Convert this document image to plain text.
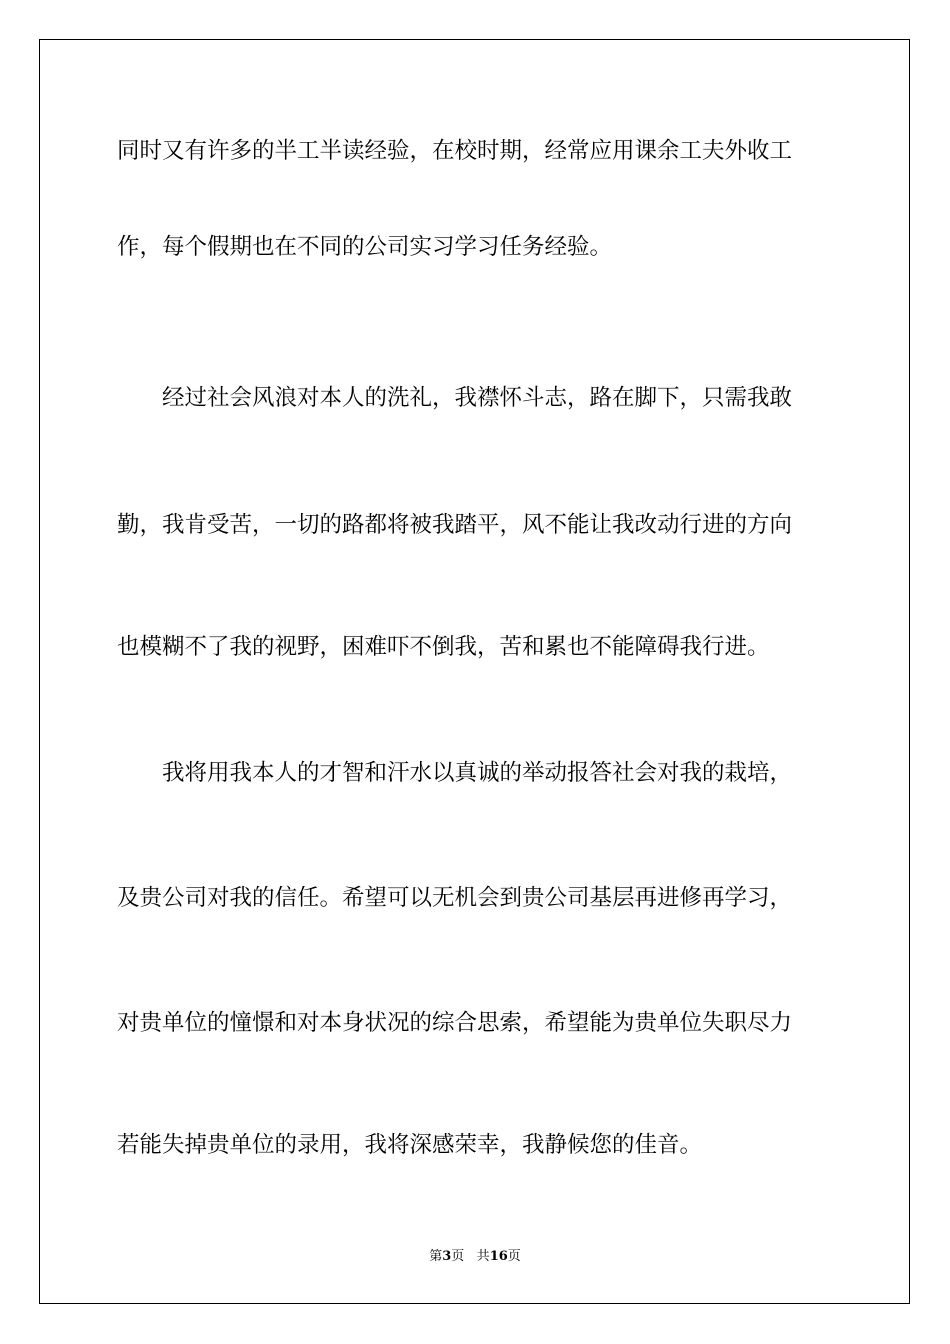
同时又有许多的半工半读经验，在校时期，经常应用课余工夫外收工

作，每个假期也在不同的公司实习学习任务经验。

经过社会风浪对本人的洗礼，我襟怀斗志，路在脚下，只需我敢

勤，我肯受苦，一切的路都将被我踏平，风不能让我改动行进的方向

也模糊不了我的视野，困难吓不倒我，苦和累也不能障碍我行进。

我将用我本人的才智和汗水以真诚的举动报答社会对我的栽培，

及贵公司对我的信任。希望可以无机会到贵公司基层再进修再学习，

对贵单位的憧憬和对本身状况的综合思索，希望能为贵单位失职尽力

若能失掉贵单位的录用，我将深感荣幸，我静候您的佳音。

第3页 共16页
